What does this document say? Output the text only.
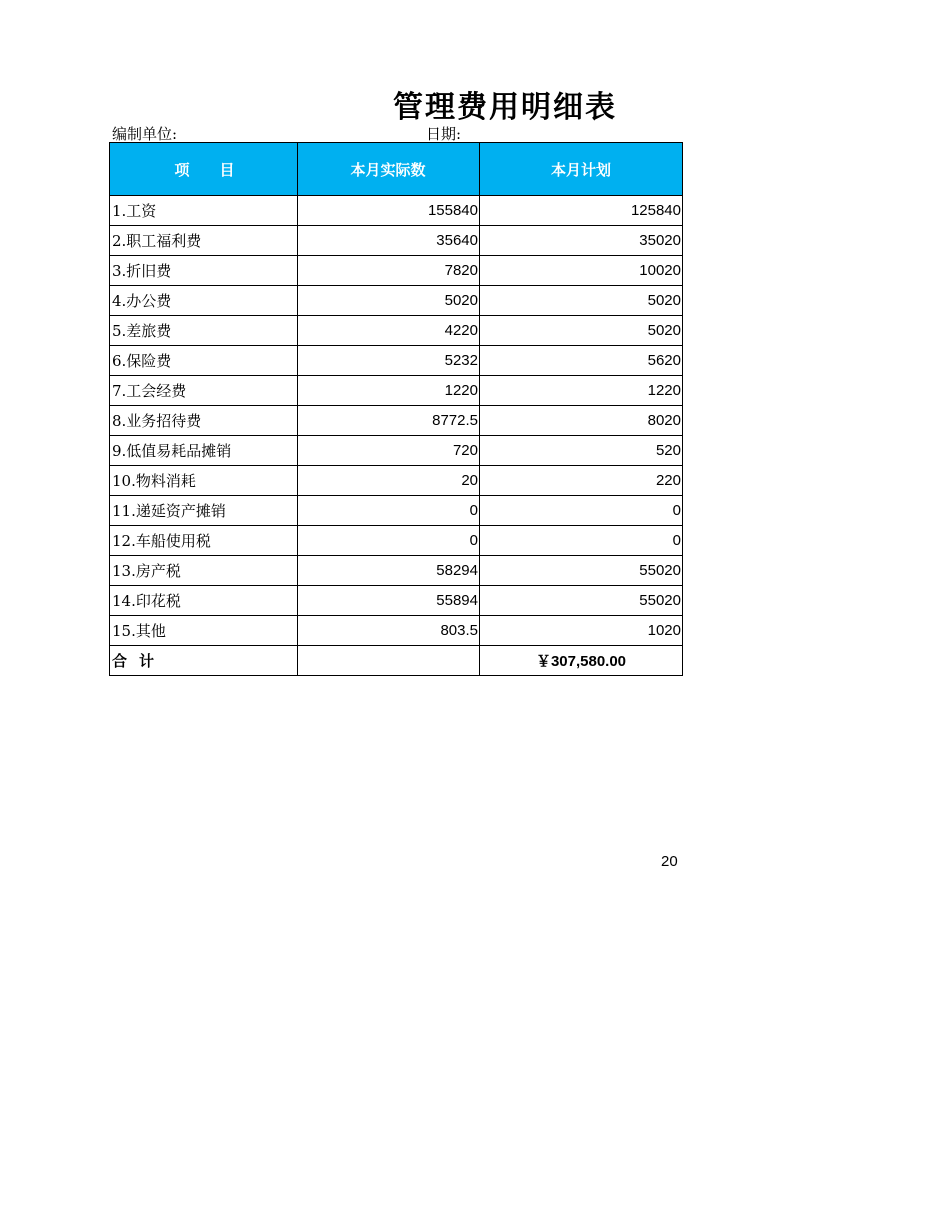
管理费用明细表
编制单位:	日期:
项　　目	本月实际数	本月计划
1.工资	155840	125840
2.职工福利费	35640	35020
3.折旧费	7820	10020
4.办公费	5020	5020
5.差旅费	4220	5020
6.保险费	5232	5620
7.工会经费	1220	1220
8.业务招待费	8772.5	8020
9.低值易耗品摊销	720	520
10.物料消耗	20	220
11.递延资产摊销	0	0
12.车船使用税	0	0
13.房产税	58294	55020
14.印花税	55894	55020
15.其他	803.5	1020
合计		￥307,580.00
20
